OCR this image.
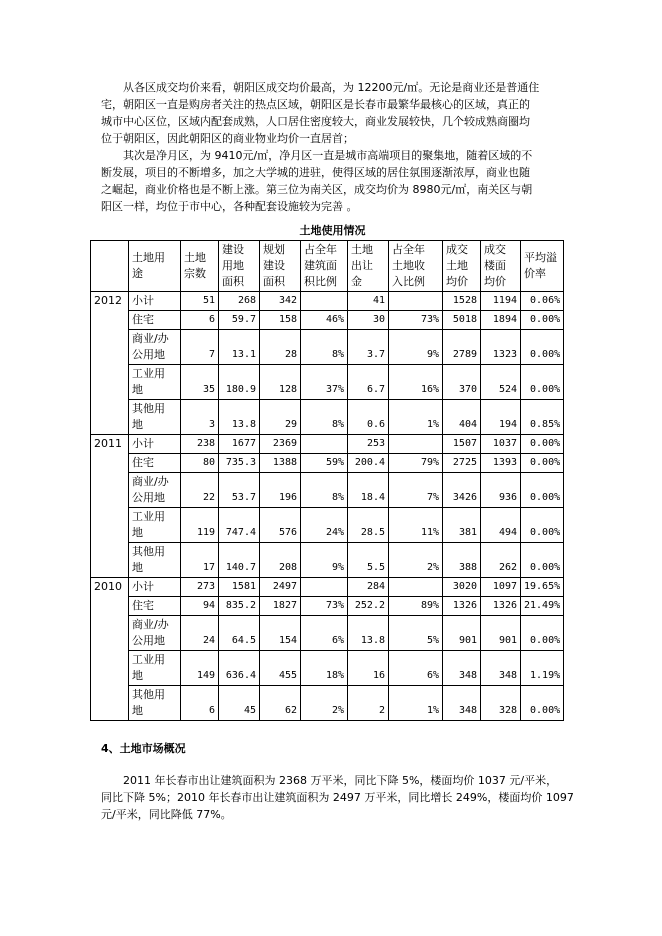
从各区成交均价来看，朝阳区成交均价最高，为 12200元/㎡。无论是商业还是普通住
宅，朝阳区一直是购房者关注的热点区域，朝阳区是长春市最繁华最核心的区域，真正的
城市中心区位，区域内配套成熟，人口居住密度较大，商业发展较快，几个较成熟商圈均
位于朝阳区，因此朝阳区的商业物业均价一直居首；
其次是净月区，为 9410元/㎡，净月区一直是城市高端项目的聚集地，随着区域的不
断发展，项目的不断增多，加之大学城的进驻，使得区域的居住氛围逐渐浓厚，商业也随
之崛起，商业价格也是不断上涨。第三位为南关区，成交均价为 8980元/㎡，南关区与朝
阳区一样，均位于市中心，各种配套设施较为完善 。
土地使用情况
	土地用
途	土地
宗数	建设
用地
面积	规划
建设
面积	占全年
建筑面
积比例	土地
出让
金	占全年
土地收
入比例	成交
土地
均价	成交
楼面
均价	平均溢
价率
2012	小计	51	268	342		41		1528	1194	0.06%
	住宅	6	59.7	158	46%	30	73%	5018	1894	0.00%
	商业/办
公用地	7	13.1	28	8%	3.7	9%	2789	1323	0.00%
	工业用
地	35	180.9	128	37%	6.7	16%	370	524	0.00%
	其他用
地	3	13.8	29	8%	0.6	1%	404	194	0.85%
2011	小计	238	1677	2369		253		1507	1037	0.00%
	住宅	80	735.3	1388	59%	200.4	79%	2725	1393	0.00%
	商业/办
公用地	22	53.7	196	8%	18.4	7%	3426	936	0.00%
	工业用
地	119	747.4	576	24%	28.5	11%	381	494	0.00%
	其他用
地	17	140.7	208	9%	5.5	2%	388	262	0.00%
2010	小计	273	1581	2497		284		3020	1097	19.65%
	住宅	94	835.2	1827	73%	252.2	89%	1326	1326	21.49%
	商业/办
公用地	24	64.5	154	6%	13.8	5%	901	901	0.00%
	工业用
地	149	636.4	455	18%	16	6%	348	348	1.19%
	其他用
地	6	45	62	2%	2	1%	348	328	0.00%
4、土地市场概况
2011 年长春市出让建筑面积为 2368 万平米，同比下降 5%，楼面均价 1037 元/平米，
同比下降 5%；2010 年长春市出让建筑面积为 2497 万平米，同比增长 249%，楼面均价 1097
元/平米，同比降低 77%。
